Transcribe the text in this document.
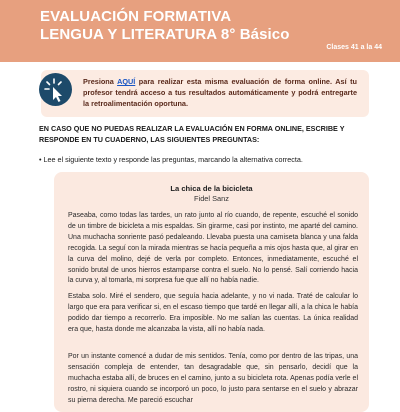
EVALUACIÓN FORMATIVA
LENGUA Y LITERATURA 8° Básico
Clases 41 a la 44
Presiona AQUÍ para realizar esta misma evaluación de forma online. Así tu profesor tendrá acceso a tus resultados automáticamente y podrá entregarte la retroalimentación oportuna.
EN CASO QUE NO PUEDAS REALIZAR LA EVALUACIÓN EN FORMA ONLINE, ESCRIBE Y RESPONDE EN TU CUADERNO, LAS SIGUIENTES PREGUNTAS:
• Lee el siguiente texto y responde las preguntas, marcando la alternativa correcta.
La chica de la bicicleta
Fidel Sanz

Paseaba, como todas las tardes, un rato junto al río cuando, de repente, escuché el sonido de un timbre de bicicleta a mis espaldas. Sin girarme, casi por instinto, me aparté del camino. Una muchacha sonriente pasó pedaleando. Llevaba puesta una camiseta blanca y una falda recogida. La seguí con la mirada mientras se hacía pequeña a mis ojos hasta que, al girar en la curva del molino, dejé de verla por completo. Entonces, inmediatamente, escuché el sonido brutal de unos hierros estamparse contra el suelo. No lo pensé. Salí corriendo hacia la curva y, al tomarla, mi sorpresa fue que allí no había nadie.

Estaba solo. Miré el sendero, que seguía hacia adelante, y no vi nada. Traté de calcular lo largo que era para verificar si, en el escaso tiempo que tardé en llegar allí, a la chica le había podido dar tiempo a recorrerlo. Era imposible. No me salían las cuentas. La única realidad era que, hasta donde me alcanzaba la vista, allí no había nada.

Por un instante comencé a dudar de mis sentidos. Tenía, como por dentro de las tripas, una sensación compleja de entender, tan desagradable que, sin pensarlo, decidí que la muchacha estaba allí, de bruces en el camino, junto a su bicicleta rota. Apenas podía verle el rostro, ni siquiera cuando se incorporó un poco, lo justo para sentarse en el suelo y abrazar su pierna derecha. Me pareció escuchar
